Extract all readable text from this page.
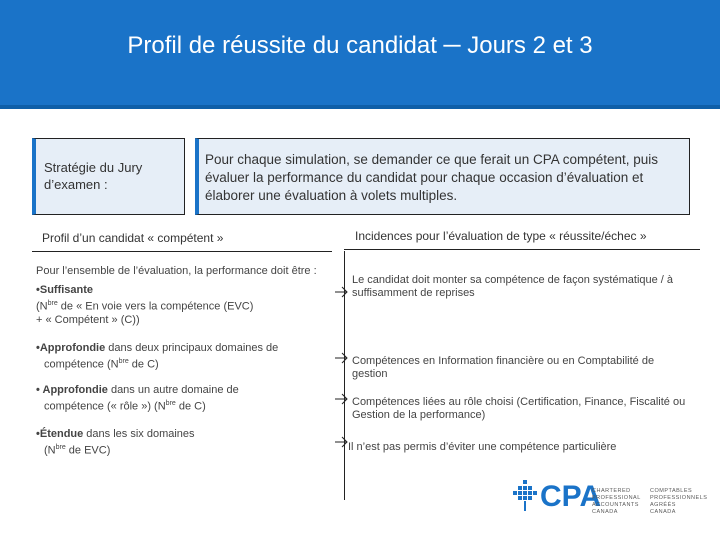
Profil de réussite du candidat ─ Jours 2 et 3
Stratégie du Jury d’examen :
Pour chaque simulation, se demander ce que ferait un CPA compétent, puis évaluer la performance du candidat pour chaque occasion d’évaluation et élaborer une évaluation à volets multiples.
Profil d’un candidat « compétent »	Incidences pour l’évaluation de type « réussite/échec »
Pour l’ensemble de l’évaluation, la performance doit être :
•Suffisante
($N^{bre}$ de « En voie vers la compétence (EVC)
+ « Compétent » (C))
•Approfondie dans deux principaux domaines de
compétence ($N^{bre}$ de C)
• Approfondie dans un autre domaine de
compétence (« rôle ») ($N^{bre}$ de C)
•Étendue dans les six domaines
($N^{bre}$ de EVC)
Le candidat doit monter sa compétence de façon systématique / à suffisamment de reprises
Compétences en Information financière ou en Comptabilité de gestion
Compétences liées au rôle choisi (Certification, Finance, Fiscalité ou Gestion de la performance)
Il n’est pas permis d’éviter une compétence particulière
CPA
CHARTERED
PROFESSIONAL
ACCOUNTANTS
CANADA
COMPTABLES
PROFESSIONNELS
AGRÉÉS
CANADA
